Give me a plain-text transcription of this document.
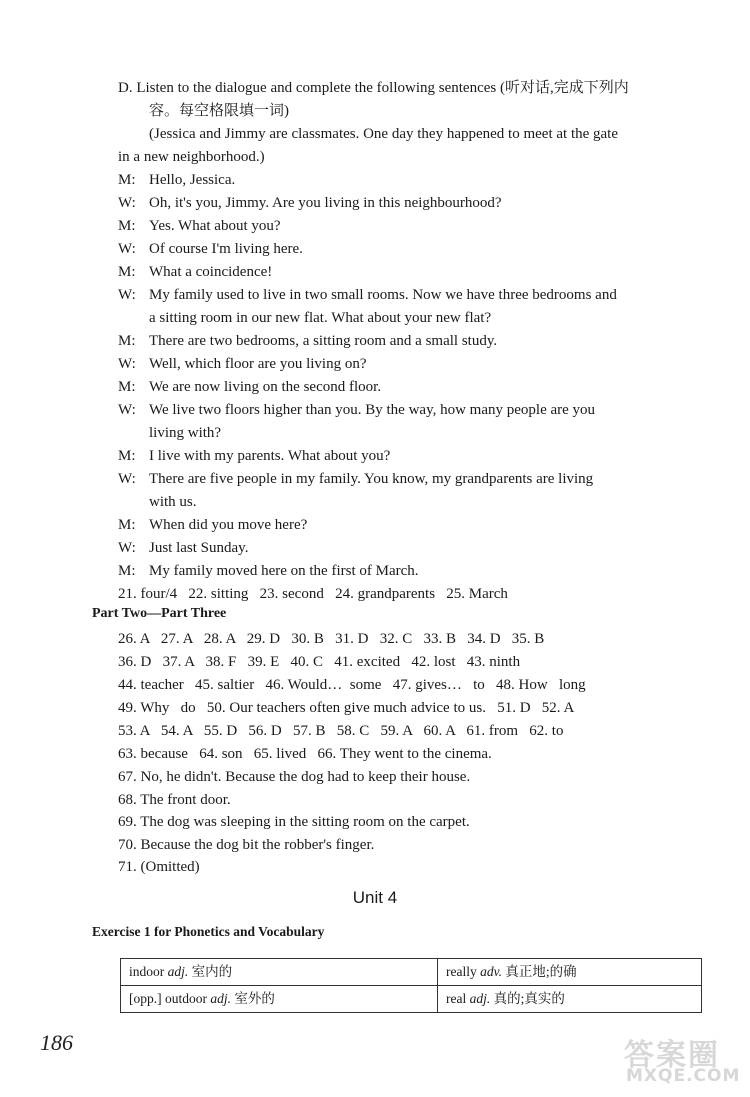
D. Listen to the dialogue and complete the following sentences (听对话,完成下列内
容。每空格限填一词)
(Jessica and Jimmy are classmates. One day they happened to meet at the gate
in a new neighborhood.)
M: Hello, Jessica.
W: Oh, it's you, Jimmy. Are you living in this neighbourhood?
M: Yes. What about you?
W: Of course I'm living here.
M: What a coincidence!
W: My family used to live in two small rooms. Now we have three bedrooms and
a sitting room in our new flat. What about your new flat?
M: There are two bedrooms, a sitting room and a small study.
W: Well, which floor are you living on?
M: We are now living on the second floor.
W: We live two floors higher than you. By the way, how many people are you
living with?
M: I live with my parents. What about you?
W: There are five people in my family. You know, my grandparents are living
with us.
M: When did you move here?
W: Just last Sunday.
M: My family moved here on the first of March.
21. four/4   22. sitting   23. second   24. grandparents   25. March
Part Two—Part Three
26. A   27. A   28. A   29. D   30. B   31. D   32. C   33. B   34. D   35. B
36. D   37. A   38. F   39. E   40. C   41. excited   42. lost   43. ninth
44. teacher   45. saltier   46. Would…  some   47. gives…   to   48. How   long
49. Why   do   50. Our teachers often give much advice to us.   51. D   52. A
53. A   54. A   55. D   56. D   57. B   58. C   59. A   60. A   61. from   62. to
63. because   64. son   65. lived   66. They went to the cinema.
67. No, he didn't. Because the dog had to keep their house.
68. The front door.
69. The dog was sleeping in the sitting room on the carpet.
70. Because the dog bit the robber's finger.
71. (Omitted)
Unit 4
Exercise 1 for Phonetics and Vocabulary
indoor adj. 室内的	really adv. 真正地;的确
[opp.] outdoor adj. 室外的	real adj. 真的;真实的
186	答案圈
MXQE.COM
